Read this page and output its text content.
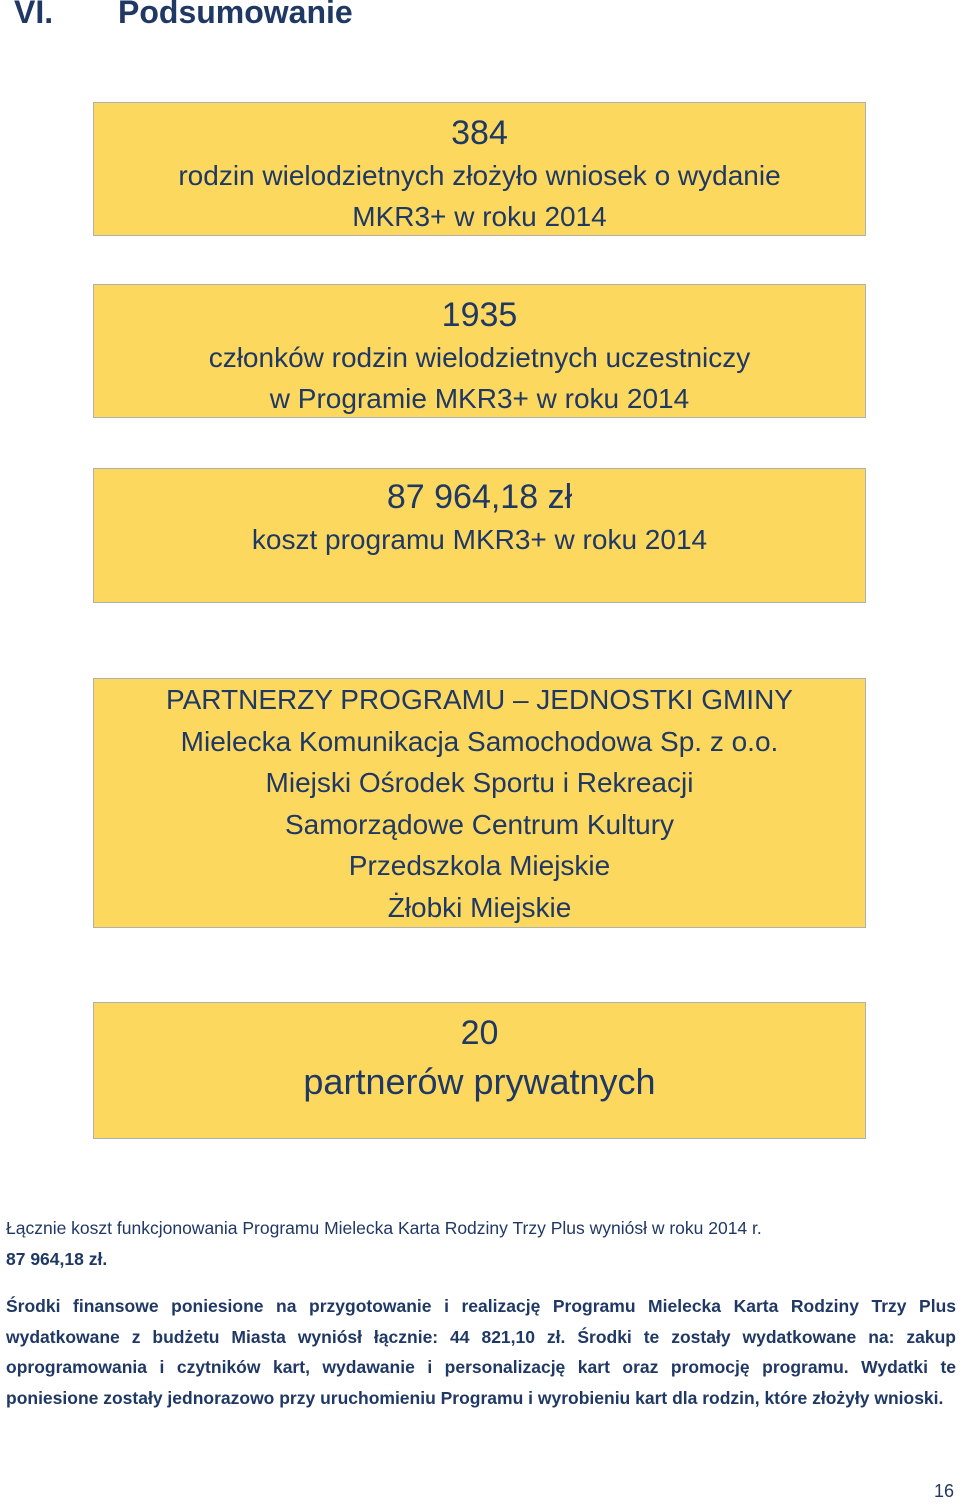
VI. Podsumowanie
384
rodzin wielodzietnych złożyło wniosek o wydanie
MKR3+ w roku 2014
1935
członków rodzin wielodzietnych uczestniczy
w Programie MKR3+ w roku 2014
87 964,18 zł
koszt programu MKR3+ w roku 2014
PARTNERZY PROGRAMU – JEDNOSTKI GMINY
Mielecka Komunikacja Samochodowa Sp. z o.o.
Miejski Ośrodek Sportu i Rekreacji
Samorządowe Centrum Kultury
Przedszkola Miejskie
Żłobki Miejskie
20
partnerów prywatnych
Łącznie koszt funkcjonowania Programu Mielecka Karta Rodziny Trzy Plus wyniósł w roku 2014 r.
87 964,18 zł.
Środki finansowe poniesione na przygotowanie i realizację Programu Mielecka Karta Rodziny Trzy Plus wydatkowane z budżetu Miasta wyniósł łącznie: 44 821,10 zł. Środki te zostały wydatkowane na: zakup oprogramowania i czytników kart, wydawanie i personalizację kart oraz promocję programu. Wydatki te poniesione zostały jednorazowo przy uruchomieniu Programu i wyrobieniu kart dla rodzin, które złożyły wnioski.
16
